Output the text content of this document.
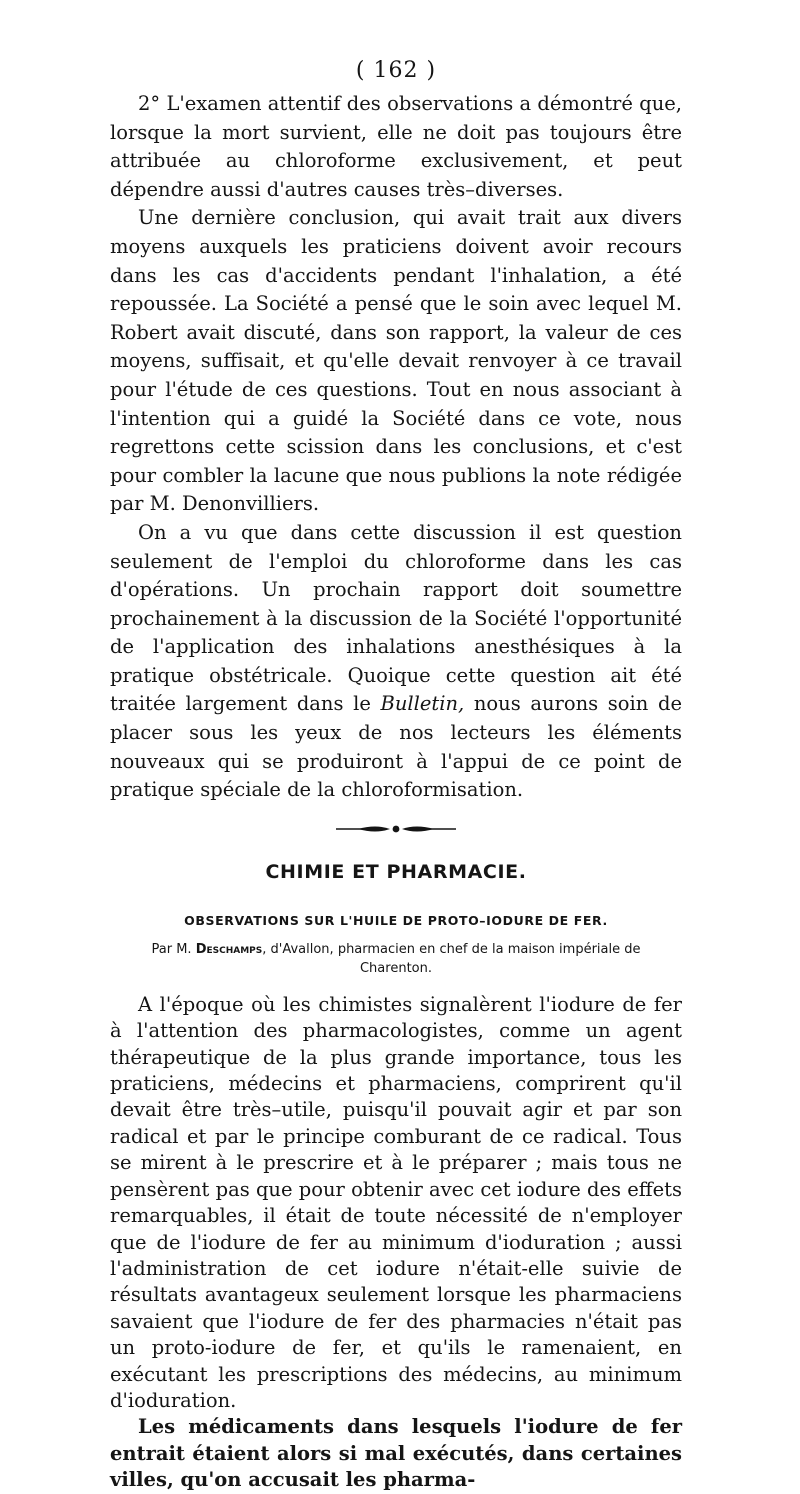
( 162 )

2° L'examen attentif des observations a démontré que, lorsque la mort survient, elle ne doit pas toujours être attribuée au chloroforme exclusivement, et peut dépendre aussi d'autres causes très–diverses.

Une dernière conclusion, qui avait trait aux divers moyens auxquels les praticiens doivent avoir recours dans les cas d'accidents pendant l'inhalation, a été repoussée. La Société a pensé que le soin avec lequel M. Robert avait discuté, dans son rapport, la valeur de ces moyens, suffisait, et qu'elle devait renvoyer à ce travail pour l'étude de ces questions. Tout en nous associant à l'intention qui a guidé la Société dans ce vote, nous regrettons cette scission dans les conclusions, et c'est pour combler la lacune que nous publions la note rédigée par M. Denonvilliers.

On a vu que dans cette discussion il est question seulement de l'emploi du chloroforme dans les cas d'opérations. Un prochain rapport doit soumettre prochainement à la discussion de la Société l'opportunité de l'application des inhalations anesthésiques à la pratique obstétricale. Quoique cette question ait été traitée largement dans le Bulletin, nous aurons soin de placer sous les yeux de nos lecteurs les éléments nouveaux qui se produiront à l'appui de ce point de pratique spéciale de la chloroformisation.

CHIMIE ET PHARMACIE.
OBSERVATIONS SUR L'HUILE DE PROTO–IODURE DE FER.
Par M. Deschamps, d'Avallon, pharmacien en chef de la maison impériale de Charenton.

A l'époque où les chimistes signalèrent l'iodure de fer à l'attention des pharmacologistes, comme un agent thérapeutique de la plus grande importance, tous les praticiens, médecins et pharmaciens, comprirent qu'il devait être très–utile, puisqu'il pouvait agir et par son radical et par le principe comburant de ce radical. Tous se mirent à le prescrire et à le préparer ; mais tous ne pensèrent pas que pour obtenir avec cet iodure des effets remarquables, il était de toute nécessité de n'employer que de l'iodure de fer au minimum d'ioduration ; aussi l'administration de cet iodure n'était-elle suivie de résultats avantageux seulement lorsque les pharmaciens savaient que l'iodure de fer des pharmacies n'était pas un proto-iodure de fer, et qu'ils le ramenaient, en exécutant les prescriptions des médecins, au minimum d'ioduration.

Les médicaments dans lesquels l'iodure de fer entrait étaient alors si mal exécutés, dans certaines villes, qu'on accusait les pharma-
